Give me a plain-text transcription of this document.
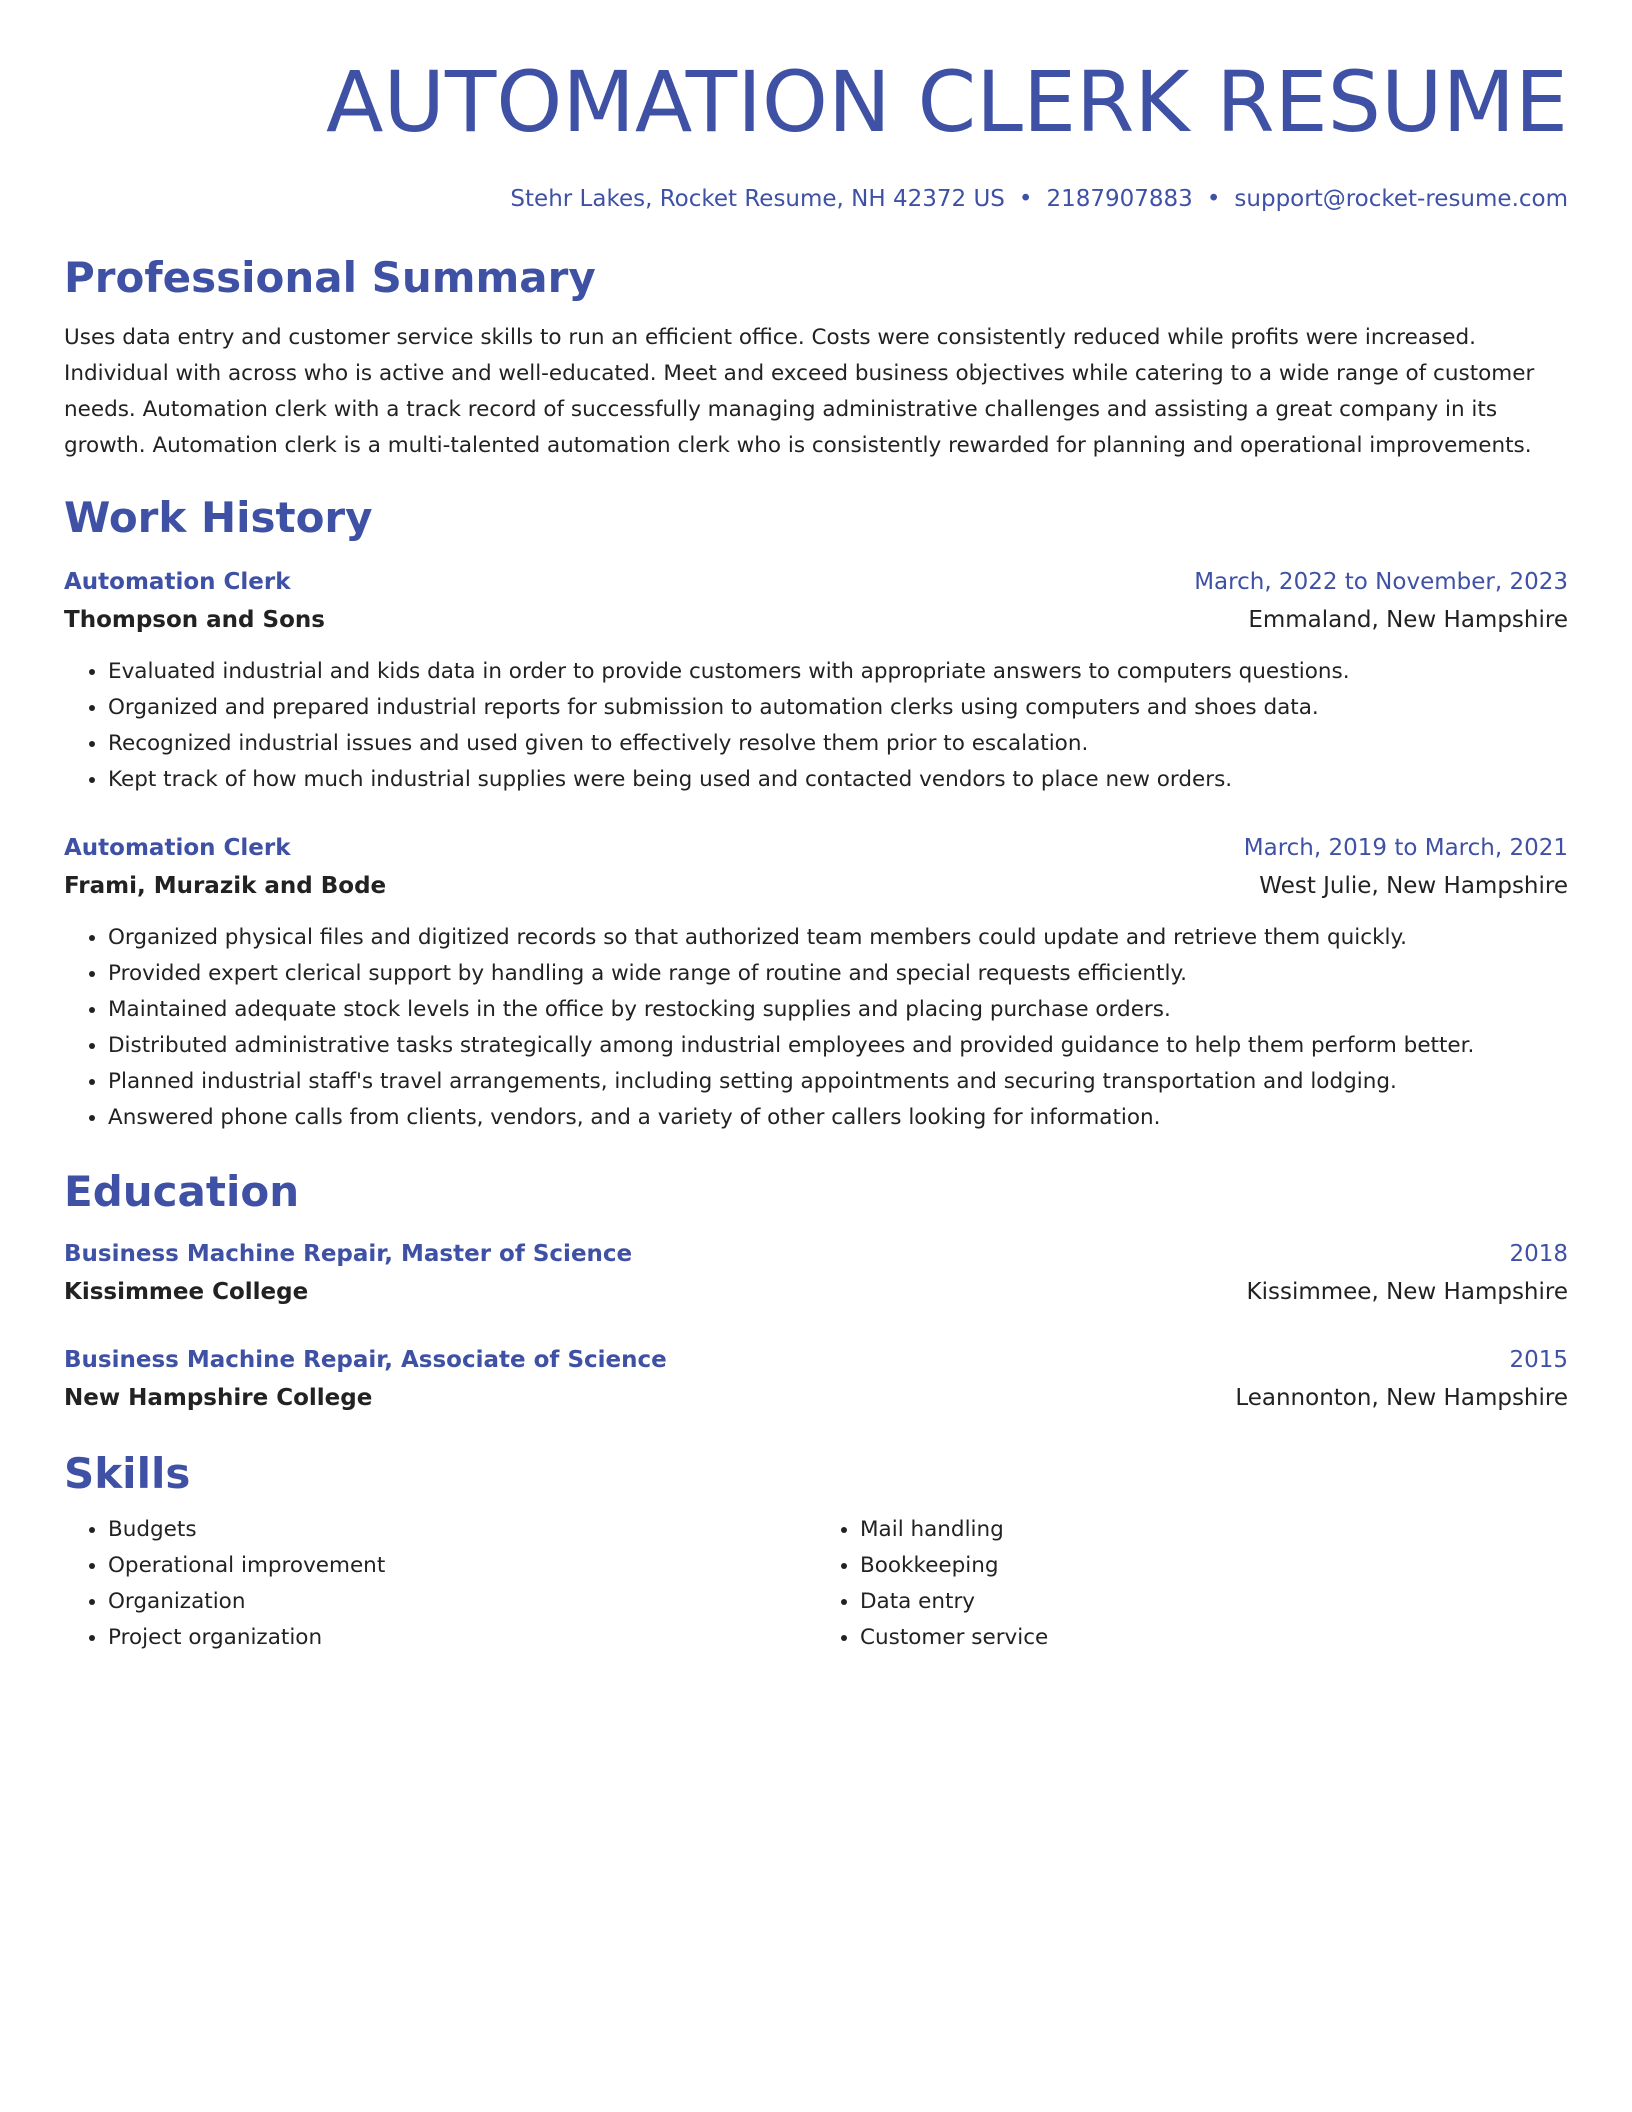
AUTOMATION CLERK RESUME
Stehr Lakes, Rocket Resume, NH 42372 US • 2187907883 • support@rocket-resume.com
Professional Summary
Uses data entry and customer service skills to run an efficient office. Costs were consistently reduced while profits were increased. Individual with across who is active and well-educated. Meet and exceed business objectives while catering to a wide range of customer needs. Automation clerk with a track record of successfully managing administrative challenges and assisting a great company in its growth. Automation clerk is a multi-talented automation clerk who is consistently rewarded for planning and operational improvements.
Work History
Automation Clerk	March, 2022 to November, 2023
Thompson and Sons	Emmaland, New Hampshire
• Evaluated industrial and kids data in order to provide customers with appropriate answers to computers questions.
• Organized and prepared industrial reports for submission to automation clerks using computers and shoes data.
• Recognized industrial issues and used given to effectively resolve them prior to escalation.
• Kept track of how much industrial supplies were being used and contacted vendors to place new orders.
Automation Clerk	March, 2019 to March, 2021
Frami, Murazik and Bode	West Julie, New Hampshire
• Organized physical files and digitized records so that authorized team members could update and retrieve them quickly.
• Provided expert clerical support by handling a wide range of routine and special requests efficiently.
• Maintained adequate stock levels in the office by restocking supplies and placing purchase orders.
• Distributed administrative tasks strategically among industrial employees and provided guidance to help them perform better.
• Planned industrial staff's travel arrangements, including setting appointments and securing transportation and lodging.
• Answered phone calls from clients, vendors, and a variety of other callers looking for information.
Education
Business Machine Repair, Master of Science	2018
Kissimmee College	Kissimmee, New Hampshire
Business Machine Repair, Associate of Science	2015
New Hampshire College	Leannonton, New Hampshire
Skills
• Budgets
• Operational improvement
• Organization
• Project organization
• Mail handling
• Bookkeeping
• Data entry
• Customer service
